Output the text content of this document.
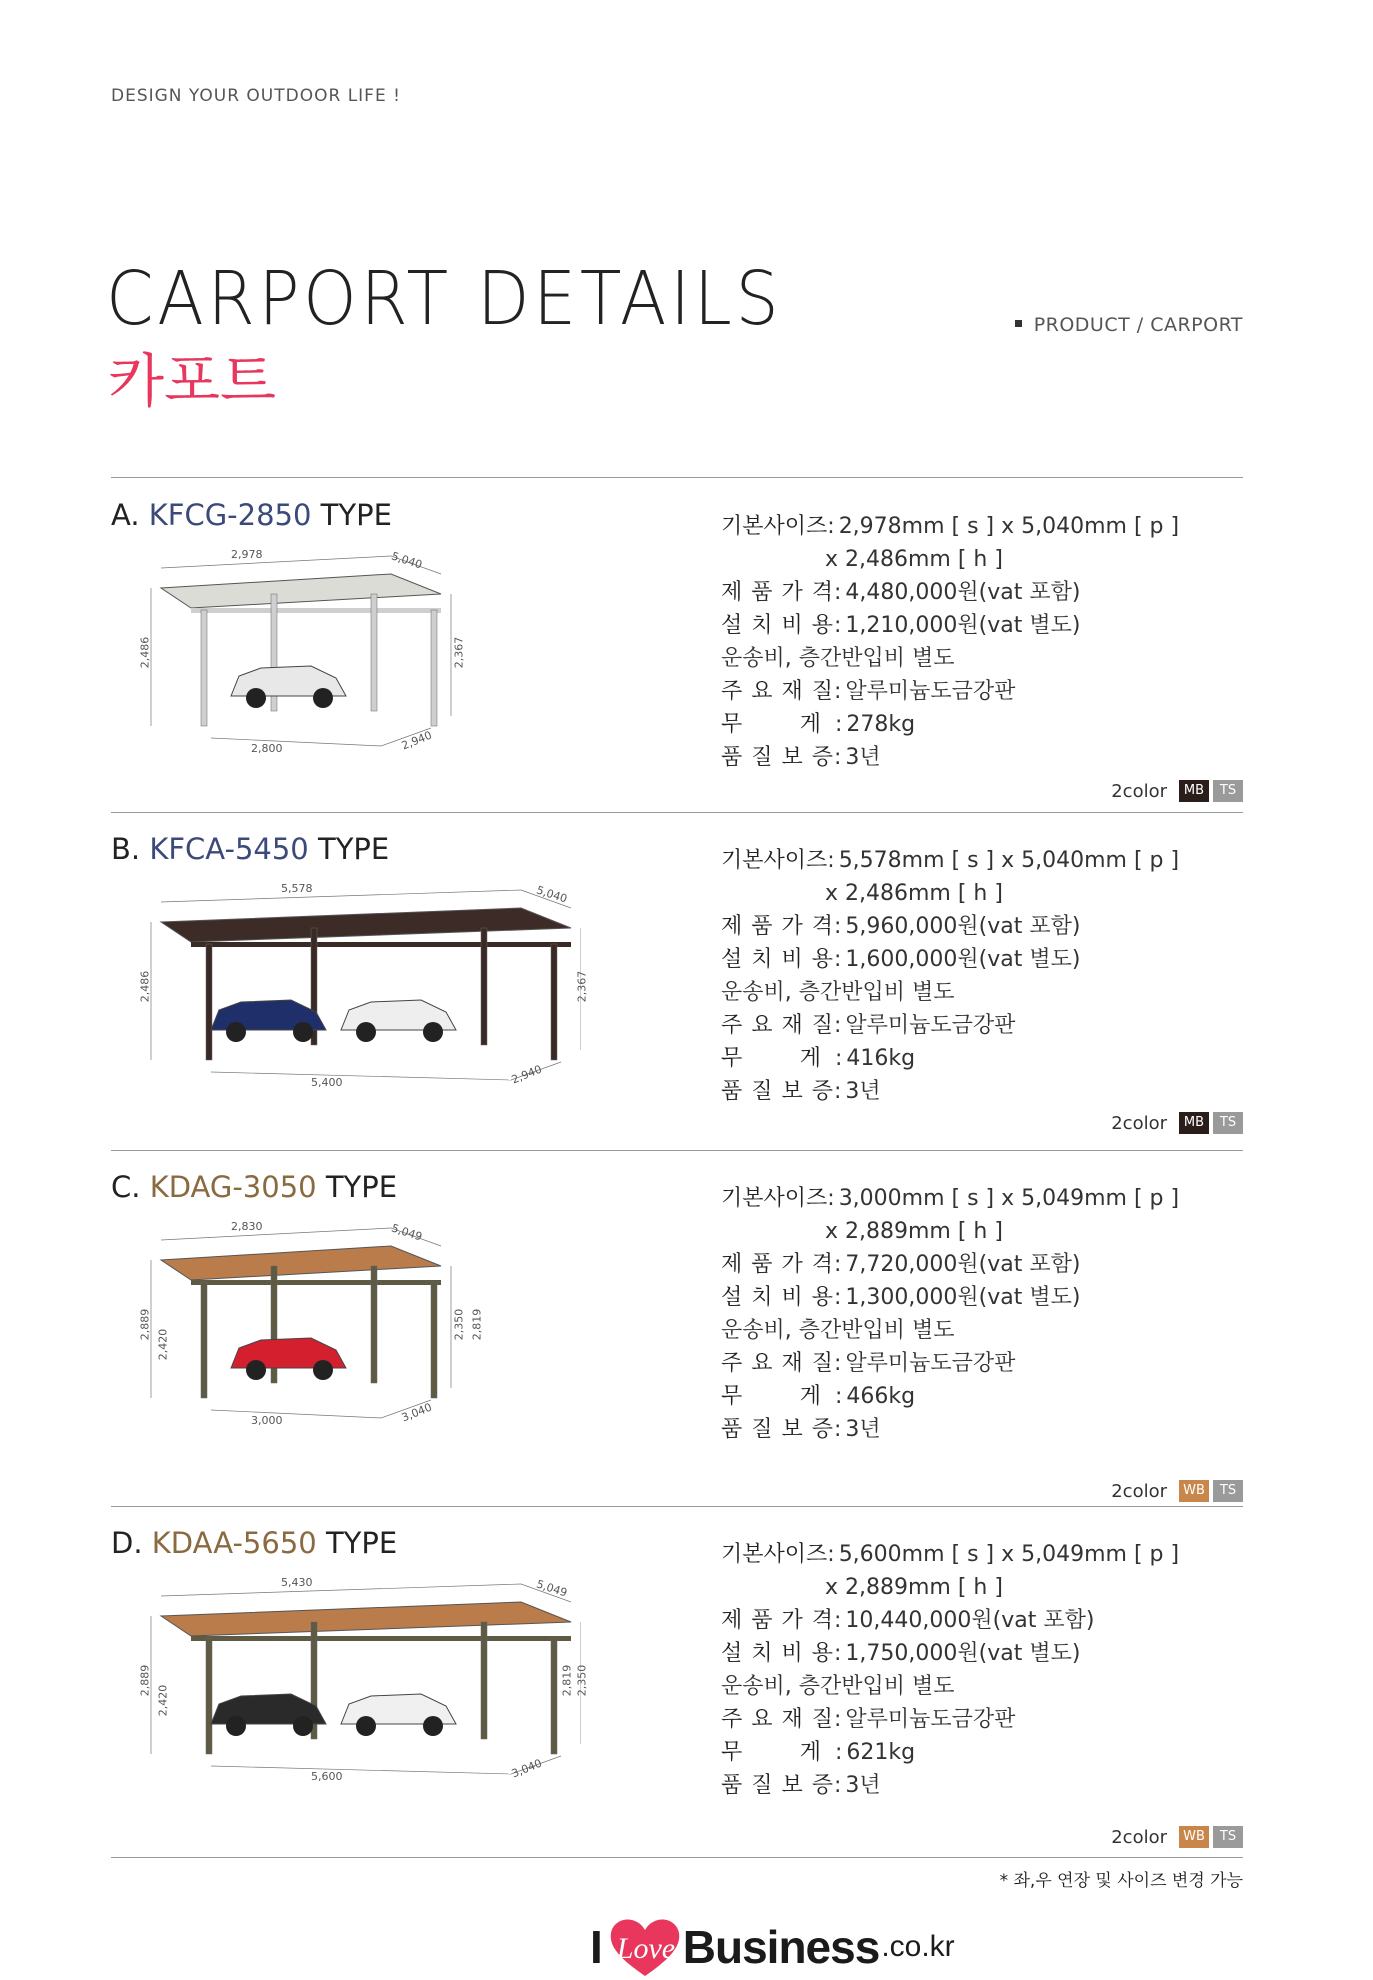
DESIGN YOUR OUTDOOR LIFE !
CARPORT DETAILS
카포트
PRODUCT / CARPORT
A. KFCG-2850 TYPE
2,978	5,040
2,486	2,367
2,800	2,940
기본사이즈 : 2,978mm [ s ] x 5,040mm [ p ]
x 2,486mm [ h ]
제 품 가 격 : 4,480,000원(vat 포함)
설 치 비 용 : 1,210,000원(vat 별도)
운송비, 층간반입비 별도
주 요 재 질 : 알루미늄도금강판
무	게 : 278kg
품 질 보 증 : 3년
2color	MB	TS
B. KFCA-5450 TYPE
5,578	5,040
2,486	2,367
5,400	2,940
기본사이즈 : 5,578mm [ s ] x 5,040mm [ p ]
x 2,486mm [ h ]
제 품 가 격 : 5,960,000원(vat 포함)
설 치 비 용 : 1,600,000원(vat 별도)
운송비, 층간반입비 별도
주 요 재 질 : 알루미늄도금강판
무	게 : 416kg
품 질 보 증 : 3년
2color	MB	TS
C. KDAG-3050 TYPE
2,830	5,049
2,889
2,420
2,350 2,819
3,000	3,040
기본사이즈 : 3,000mm [ s ] x 5,049mm [ p ]
x 2,889mm [ h ]
제 품 가 격 : 7,720,000원(vat 포함)
설 치 비 용 : 1,300,000원(vat 별도)
운송비, 층간반입비 별도
주 요 재 질 : 알루미늄도금강판
무	게 : 466kg
품 질 보 증 : 3년
2color	WB	TS
D. KDAA-5650 TYPE
5,430	5,049
2,889
2,420
2,350
2,819
5,600	3,040
기본사이즈 : 5,600mm [ s ] x 5,049mm [ p ]
x 2,889mm [ h ]
제 품 가 격 : 10,440,000원(vat 포함)
설 치 비 용 : 1,750,000원(vat 별도)
운송비, 층간반입비 별도
주 요 재 질 : 알루미늄도금강판
무	게 : 621kg
품 질 보 증 : 3년
2color	WB	TS
* 좌,우 연장 및 사이즈 변경 가능
I Love Business .co.kr
